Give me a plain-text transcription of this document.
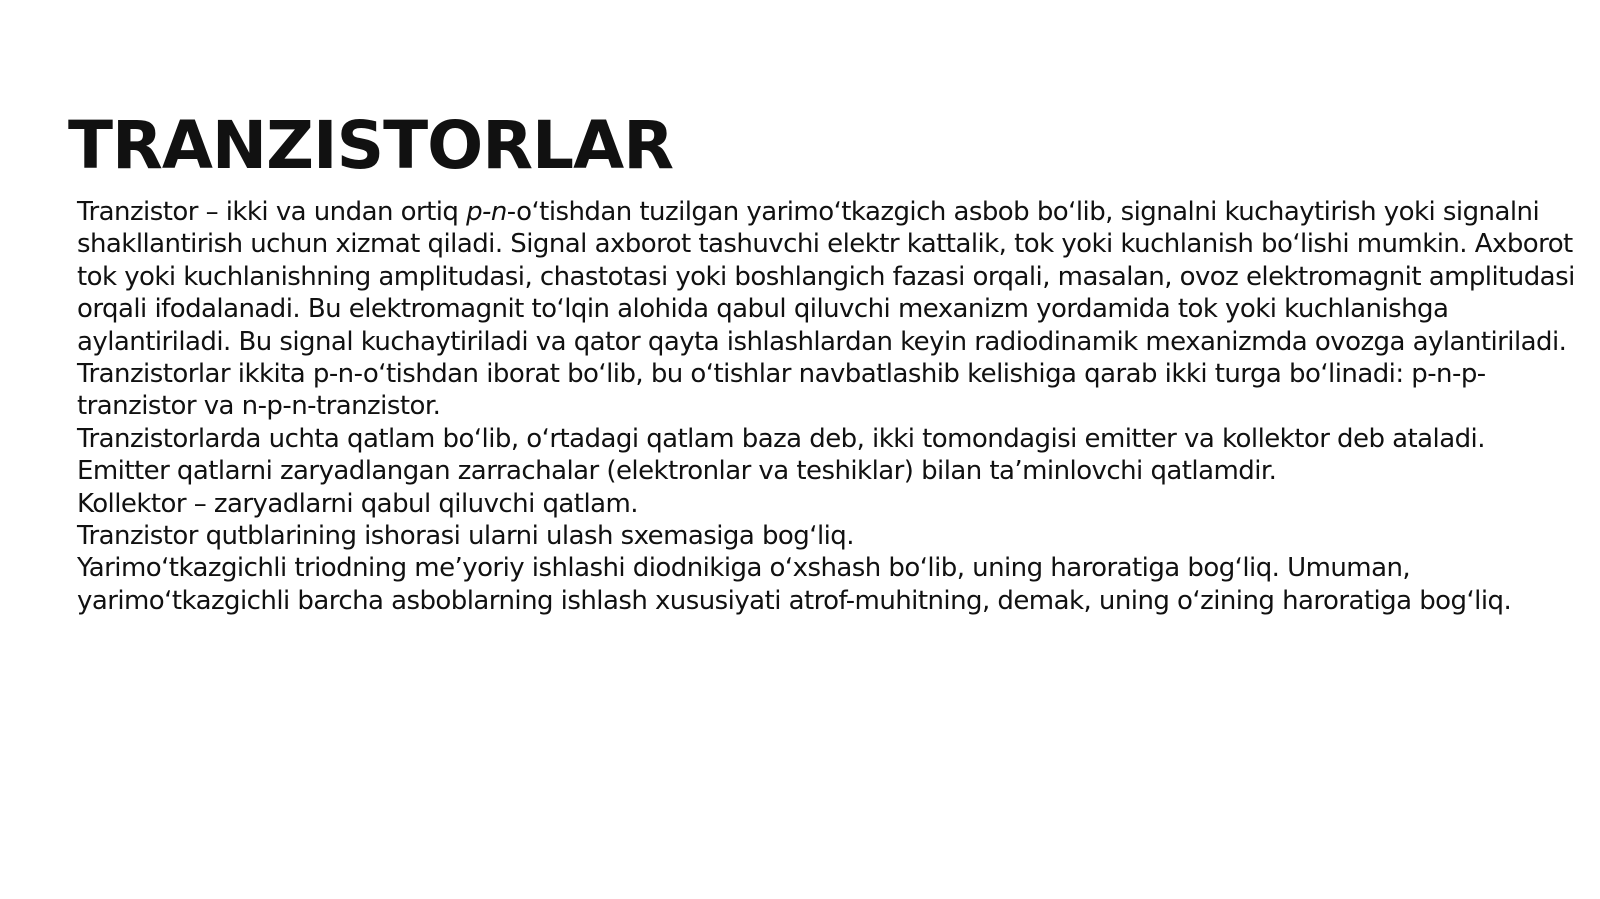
TRANZISTORLAR

Tranzistor – ikki va undan ortiq p-n-oʻtishdan tuzilgan yarimoʻtkazgich asbob boʻlib, signalni kuchaytirish yoki signalni shakllantirish uchun xizmat qiladi. Signal axborot tashuvchi elektr kattalik, tok yoki kuchlanish boʻlishi mumkin. Axborot tok yoki kuchlanishning amplitudasi, chastotasi yoki boshlangich fazasi orqali, masalan, ovoz elektromagnit amplitudasi orqali ifodalanadi. Bu elektromagnit toʻlqin alohida qabul qiluvchi mexanizm yordamida tok yoki kuchlanishga aylantiriladi. Bu signal kuchaytiriladi va qator qayta ishlashlardan keyin radiodinamik mexanizmda ovozga aylantiriladi.

Tranzistorlar ikkita p-n-oʻtishdan iborat boʻlib, bu oʻtishlar navbatlashib kelishiga qarab ikki turga boʻlinadi: p-n-p-tranzistor va n-p-n-tranzistor.

Tranzistorlarda uchta qatlam boʻlib, oʻrtadagi qatlam baza deb, ikki tomondagisi emitter va kollektor deb ataladi.

Emitter qatlarni zaryadlangan zarrachalar (elektronlar va teshiklar) bilan taʼminlovchi qatlamdir.

Kollektor – zaryadlarni qabul qiluvchi qatlam.

Tranzistor qutblarining ishorasi ularni ulash sxemasiga bogʻliq.

Yarimoʻtkazgichli triodning meʼyoriy ishlashi diodnikiga oʻxshash boʻlib, uning haroratiga bogʻliq. Umuman, yarimoʻtkazgichli barcha asboblarning ishlash xususiyati atrof-muhitning, demak, uning oʻzining haroratiga bogʻliq.
